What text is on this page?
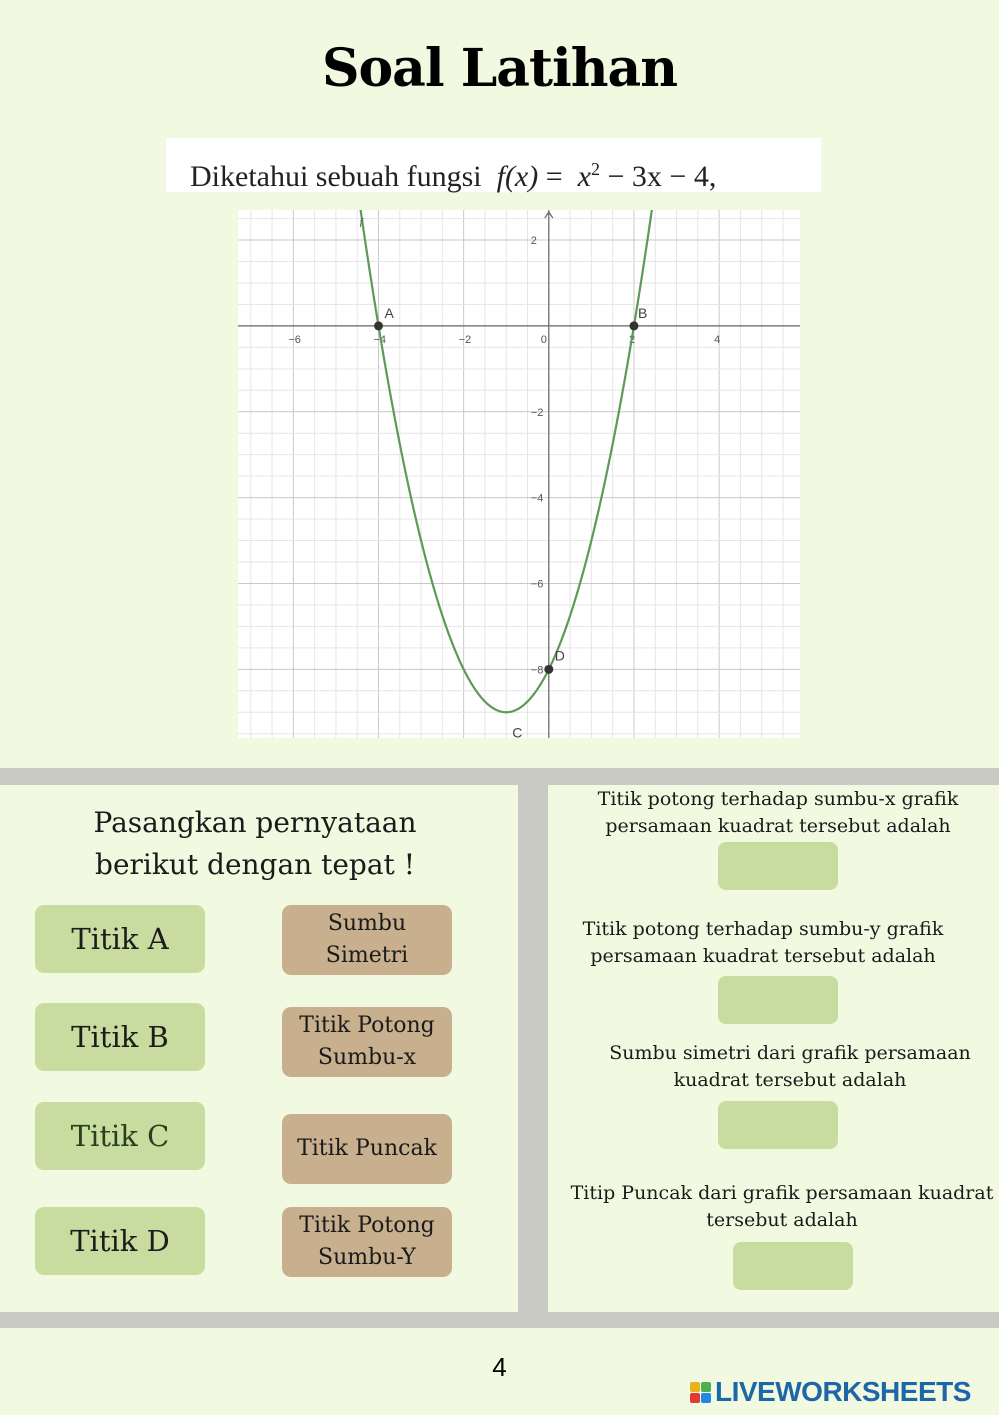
Soal Latihan
Diketahui sebuah fungsi $f(x) = x^2 - 3x - 4$,
−6	−4	−2	0	2	4
2
−2
−4
−6
−8
f
A	B
C
D
Pasangkan pernyataan
berikut dengan tepat !
Titik A
Titik B
Titik C
Titik D
Sumbu Simetri
Titik Potong Sumbu-x
Titik Puncak
Titik Potong Sumbu-Y
Titik potong terhadap sumbu-x grafik
persamaan kuadrat tersebut adalah
Titik potong terhadap sumbu-y grafik
persamaan kuadrat tersebut adalah
Sumbu simetri dari grafik persamaan
kuadrat tersebut adalah
Titip Puncak dari grafik persamaan kuadrat
tersebut adalah
4
LIVEWORKSHEETS
